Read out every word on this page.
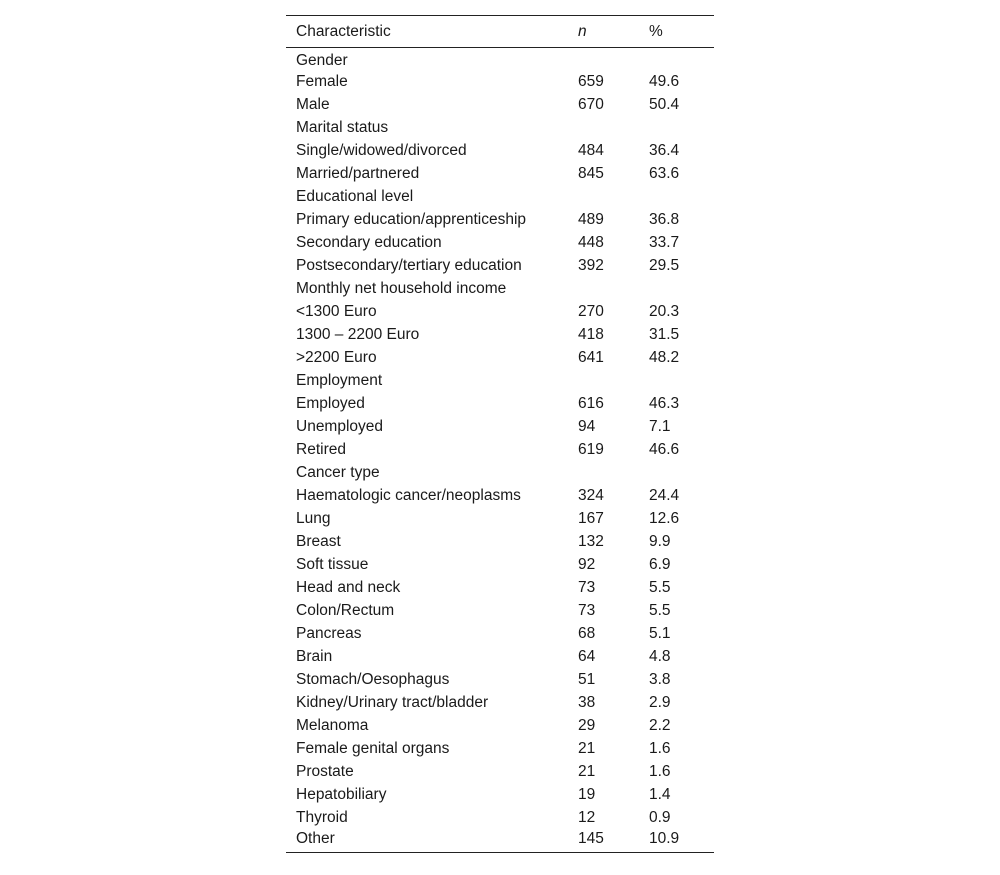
Characteristic	n	%
Gender		
Female	659	49.6
Male	670	50.4
Marital status		
Single/widowed/divorced	484	36.4
Married/partnered	845	63.6
Educational level		
Primary education/apprenticeship	489	36.8
Secondary education	448	33.7
Postsecondary/tertiary education	392	29.5
Monthly net household income		
<1300 Euro	270	20.3
1300 – 2200 Euro	418	31.5
>2200 Euro	641	48.2
Employment		
Employed	616	46.3
Unemployed	94	7.1
Retired	619	46.6
Cancer type		
Haematologic cancer/neoplasms	324	24.4
Lung	167	12.6
Breast	132	9.9
Soft tissue	92	6.9
Head and neck	73	5.5
Colon/Rectum	73	5.5
Pancreas	68	5.1
Brain	64	4.8
Stomach/Oesophagus	51	3.8
Kidney/Urinary tract/bladder	38	2.9
Melanoma	29	2.2
Female genital organs	21	1.6
Prostate	21	1.6
Hepatobiliary	19	1.4
Thyroid	12	0.9
Other	145	10.9
